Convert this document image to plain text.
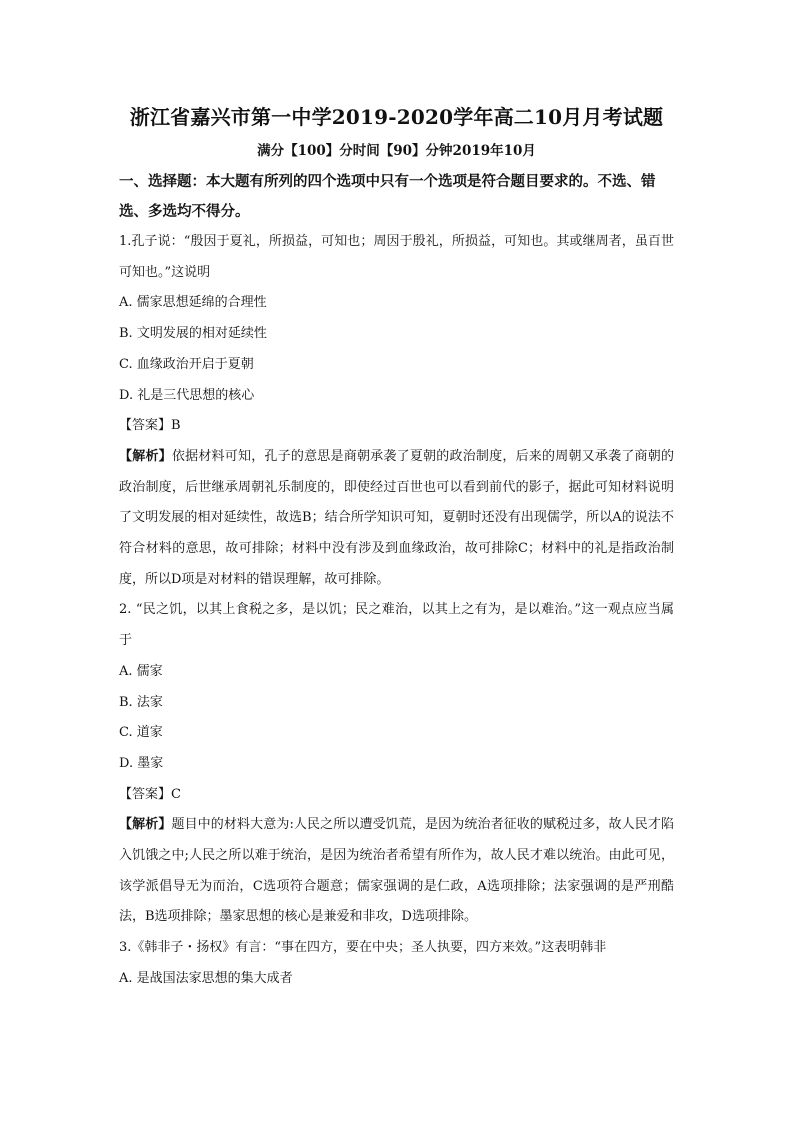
浙江省嘉兴市第一中学2019-2020学年高二10月月考试题

满分【100】分时间【90】分钟2019年10月

一、选择题：本大题有所列的四个选项中只有一个选项是符合题目要求的。不选、错选、多选均不得分。

1.孔子说：“殷因于夏礼，所损益，可知也；周因于殷礼，所损益，可知也。其或继周者，虽百世可知也。”这说明

A. 儒家思想延绵的合理性

B. 文明发展的相对延续性

C. 血缘政治开启于夏朝

D. 礼是三代思想的核心

【答案】B

【解析】依据材料可知，孔子的意思是商朝承袭了夏朝的政治制度，后来的周朝又承袭了商朝的政治制度，后世继承周朝礼乐制度的，即使经过百世也可以看到前代的影子，据此可知材料说明了文明发展的相对延续性，故选B；结合所学知识可知，夏朝时还没有出现儒学，所以A的说法不符合材料的意思，故可排除；材料中没有涉及到血缘政治，故可排除C；材料中的礼是指政治制度，所以D项是对材料的错误理解，故可排除。

2. “民之饥，以其上食税之多，是以饥；民之难治，以其上之有为，是以难治。”这一观点应当属于

A. 儒家

B. 法家

C. 道家

D. 墨家

【答案】C

【解析】题目中的材料大意为:人民之所以遭受饥荒，是因为统治者征收的赋税过多，故人民才陷入饥饿之中;人民之所以难于统治，是因为统治者希望有所作为，故人民才难以统治。由此可见，该学派倡导无为而治，C选项符合题意；儒家强调的是仁政，A选项排除；法家强调的是严刑酷法，B选项排除；墨家思想的核心是兼爱和非攻，D选项排除。

3.《韩非子・扬权》有言：“事在四方，要在中央；圣人执要，四方来效。”这表明韩非

A. 是战国法家思想的集大成者
